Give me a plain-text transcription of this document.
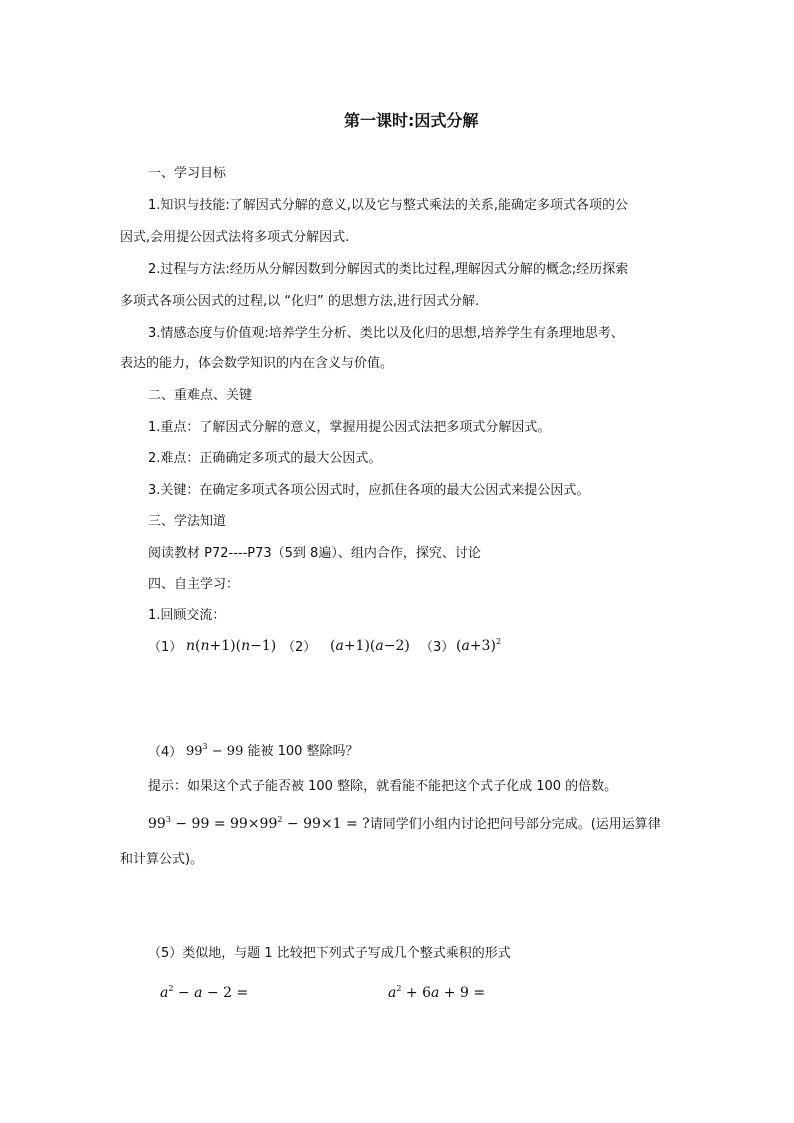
第一课时:因式分解
一、学习目标
1.知识与技能:了解因式分解的意义,以及它与整式乘法的关系,能确定多项式各项的公
因式,会用提公因式法将多项式分解因式.
2.过程与方法:经历从分解因数到分解因式的类比过程,理解因式分解的概念;经历探索
多项式各项公因式的过程,以 “化归” 的思想方法,进行因式分解.
3.情感态度与价值观:培养学生分析、类比以及化归的思想,培养学生有条理地思考、
表达的能力，体会数学知识的内在含义与价值。
二、重难点、关键
1.重点：了解因式分解的意义，掌握用提公因式法把多项式分解因式。
2.难点：正确确定多项式的最大公因式。
3.关键：在确定多项式各项公因式时，应抓住各项的最大公因式来提公因式。
三、学法知道
阅读教材 P72----P73（5到 8遍）、组内合作，探究、讨论
四、自主学习：
1.回顾交流：
（1） n(n+1)(n−1) （2） (a+1)(a−2) （3） $(a+3)^2$
（4） $99^3 - 99$ 能被 100 整除吗？
提示：如果这个式子能否被 100 整除，就看能不能把这个式子化成 100 的倍数。
$99^3 - 99 = 99\times 99^2 - 99\times 1$ = ?请同学们小组内讨论把问号部分完成。(运用运算律
和计算公式)。
（5）类似地，与题 1 比较把下列式子写成几个整式乘积的形式
$a^2 - a - 2$ =	$a^2 + 6a + 9$ =
